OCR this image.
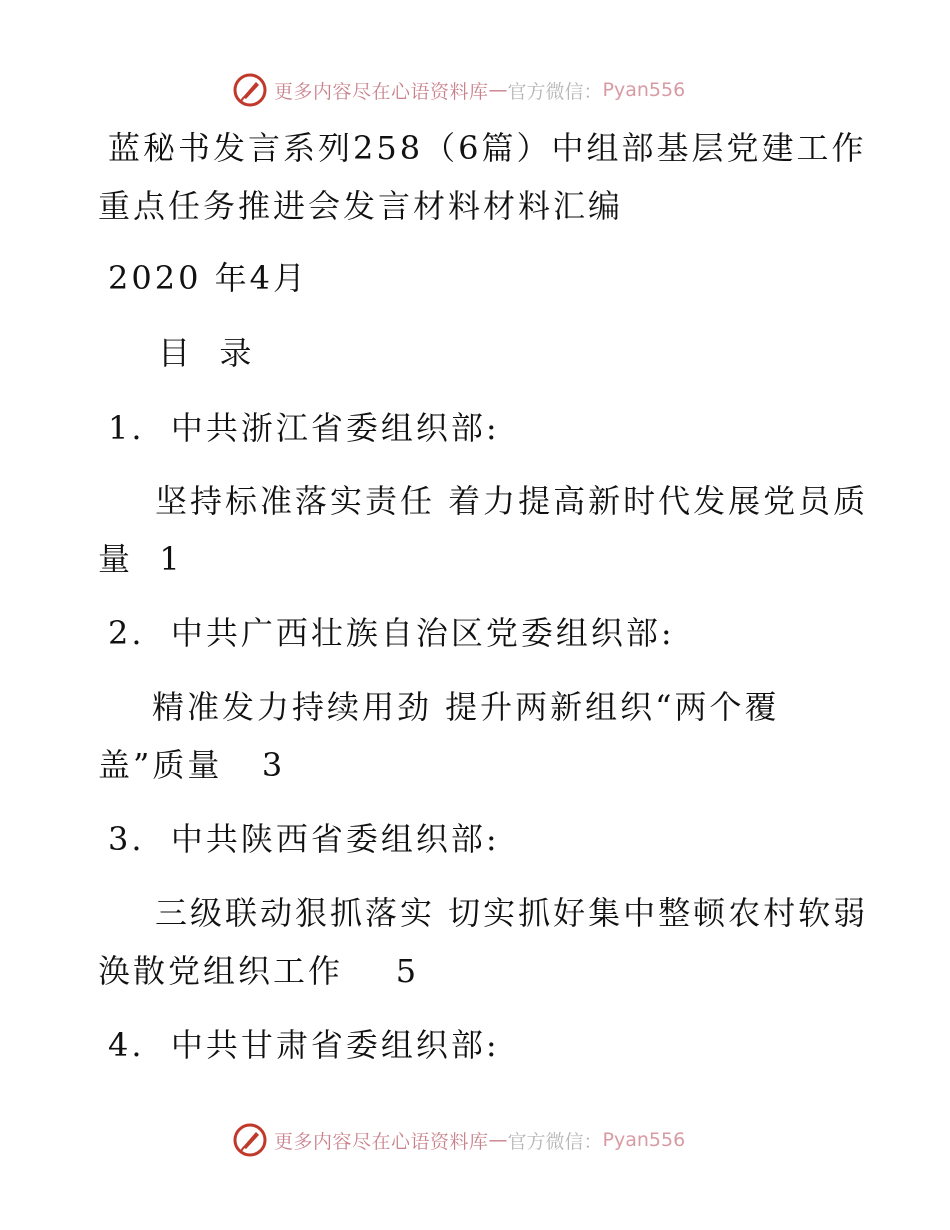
更多内容尽在心语资料库 — 官方微信： Pyan556
蓝秘书发言系列258（6篇）中组部基层党建工作
重点任务推进会发言材料材料汇编
2020 年4月
目  录
1.  中共浙江省委组织部:
坚持标准落实责任 着力提高新时代发展党员质
量  1
2.  中共广西壮族自治区党委组织部:
精准发力持续用劲 提升两新组织“两个覆
盖”质量   3
3.  中共陕西省委组织部:
三级联动狠抓落实 切实抓好集中整顿农村软弱
涣散党组织工作    5
4.  中共甘肃省委组织部:
更多内容尽在心语资料库 — 官方微信： Pyan556
